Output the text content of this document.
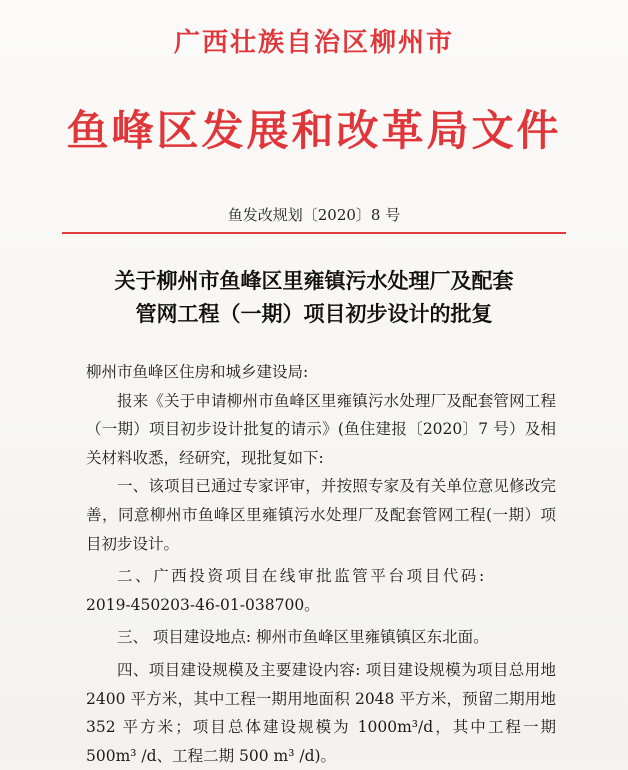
广西壮族自治区柳州市
鱼峰区发展和改革局文件
鱼发改规划〔2020〕8 号
关于柳州市鱼峰区里雍镇污水处理厂及配套
管网工程（一期）项目初步设计的批复

柳州市鱼峰区住房和城乡建设局:

报来《关于申请柳州市鱼峰区里雍镇污水处理厂及配套管网工程（一期）项目初步设计批复的请示》(鱼住建报〔2020〕7 号）及相关材料收悉，经研究，现批复如下:

一、该项目已通过专家评审，并按照专家及有关单位意见修改完善，同意柳州市鱼峰区里雍镇污水处理厂及配套管网工程(一期）项目初步设计。

二、广西投资项目在线审批监管平台项目代码:

2019-450203-46-01-038700。

三、 项目建设地点: 柳州市鱼峰区里雍镇镇区东北面。

四、项目建设规模及主要建设内容: 项目建设规模为项目总用地 2400 平方米，其中工程一期用地面积 2048 平方米，预留二期用地 352 平方米；项目总体建设规模为 1000m³/d，其中工程一期 500m³ /d、工程二期 500 m³ /d)。
